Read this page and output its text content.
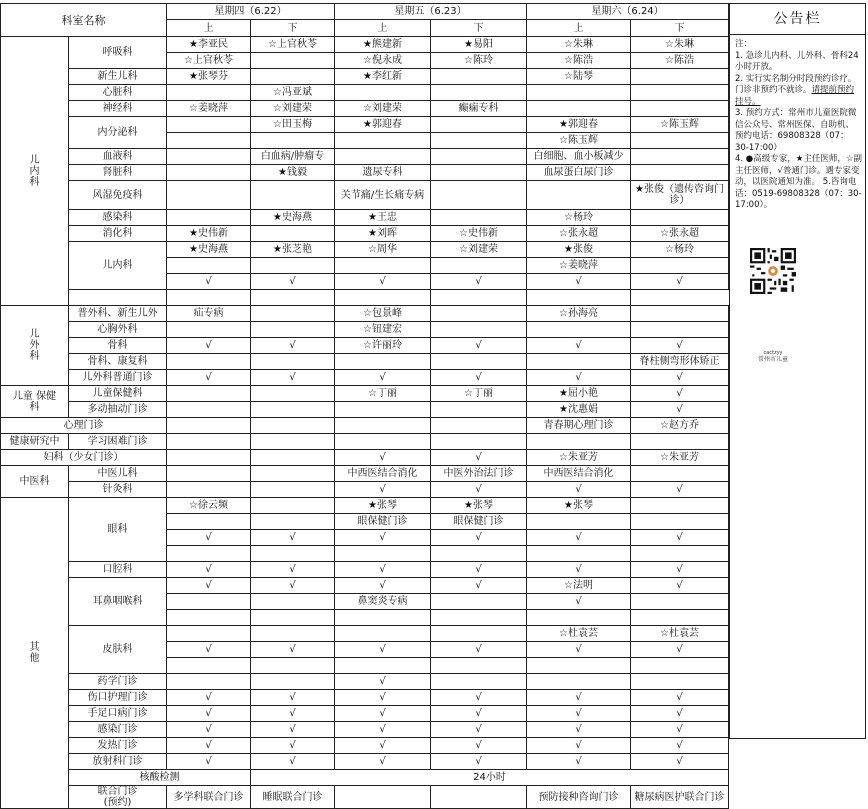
科室名称		星期四（6.22）		星期五（6.23）		星期六（6.24）		
		上	下	上	下	上	下	
儿
内
科	呼吸科	★李亚民	☆上官秋苓	★熊建新	★易阳	☆朱琳	☆朱琳	
		☆上官秋苓		☆倪永成	☆陈玲	☆陈浩	☆陈浩	
	新生儿科	★张琴芬		★李红新		☆陆琴		
	心脏科		☆冯亚斌					
	神经科	☆姜晓萍	☆刘建荣	☆刘建荣	癫痫专科			
	内分泌科		☆田玉梅	★郭迎春		★郭迎春	☆陈玉辉	
						☆陈玉辉		
	血液科		白血病/肿瘤专			白细胞、血小板减少		
	肾脏科		★钱毅	遗尿专科		血尿蛋白尿门诊		
	风湿免疫科			关节痛/生长痛专病			★张俊（遗传咨询门诊）	
	感染科		★史海燕	★王忠		☆杨玲		
	消化科	★史伟新		★刘晖	☆史伟新	☆张永超	☆张永超	
	儿内科	★史海燕	★张芝艳	☆周华	☆刘建荣	★张俊	☆杨玲	
						☆姜晓萍		
		√	√	√	√	√	√	

儿
外
科	普外科、新生儿外	疝专病		☆包景峰		☆孙海亮		
	心胸外科			☆钮建宏				
	骨科	√	√	☆许丽玲	√	√	√	
	骨科、康复科						脊柱侧弯形体矫正	
	儿外科普通门诊	√	√	√	√	√	√	
儿童 保健
科	儿童保健科			☆丁丽	☆丁丽	★屈小艳	√	
	多动抽动门诊					★沈惠娟	√	
心理门诊						青春期心理门诊	☆赵方乔	
健康研究中	学习困难门诊							
妇科（少女门诊）				√	√	☆朱亚芳	☆朱亚芳	
中医科	中医儿科			中西医结合消化	中医外治法门诊	中西医结合消化		
	针灸科			√	√	√	√	
其
他	眼科	☆徐云频		★张琴	★张琴	★张琴		
				眼保健门诊	眼保健门诊			
		√	√	√	√	√	√	

	口腔科	√	√	√	√	√	√	
	耳鼻咽喉科	√	√	√	√	☆法明	√	
				鼻窦炎专病		√		

	皮肤科					☆杜袁芸	☆杜袁芸	
		√	√	√	√	√	√	

	药学门诊			√				
	伤口护理门诊	√	√	√	√	√	√	
	手足口病门诊	√	√	√	√	√	√	
	感染门诊	√	√	√	√	√	√	
	发热门诊	√	√	√	√	√	√	
	放射科门诊	√	√	√	√	√	√	
	核酸检测		24小时					
	联合门诊
(预约)	多学科联合门诊	睡眠联合门诊			预防接种咨询门诊	糖尿病医护联合门诊	
公告栏

注：

1. 急诊儿内科、儿外科、骨科24小时开放。

2. 实行实名制分时段预约诊疗。门诊非预约不就诊。请提前预约挂号。

3. 预约方式：常州市儿童医院微信公众号、常州医保、自助机、预约电话：69808328（07：30-17:00）

4. ●高级专家，★主任医师，☆副主任医师，√普通门诊。遇专家变动，以医院通知为准。 5.咨询电话：0519-69808328（07：30-17:00）。

cactzyy
常州市儿童
